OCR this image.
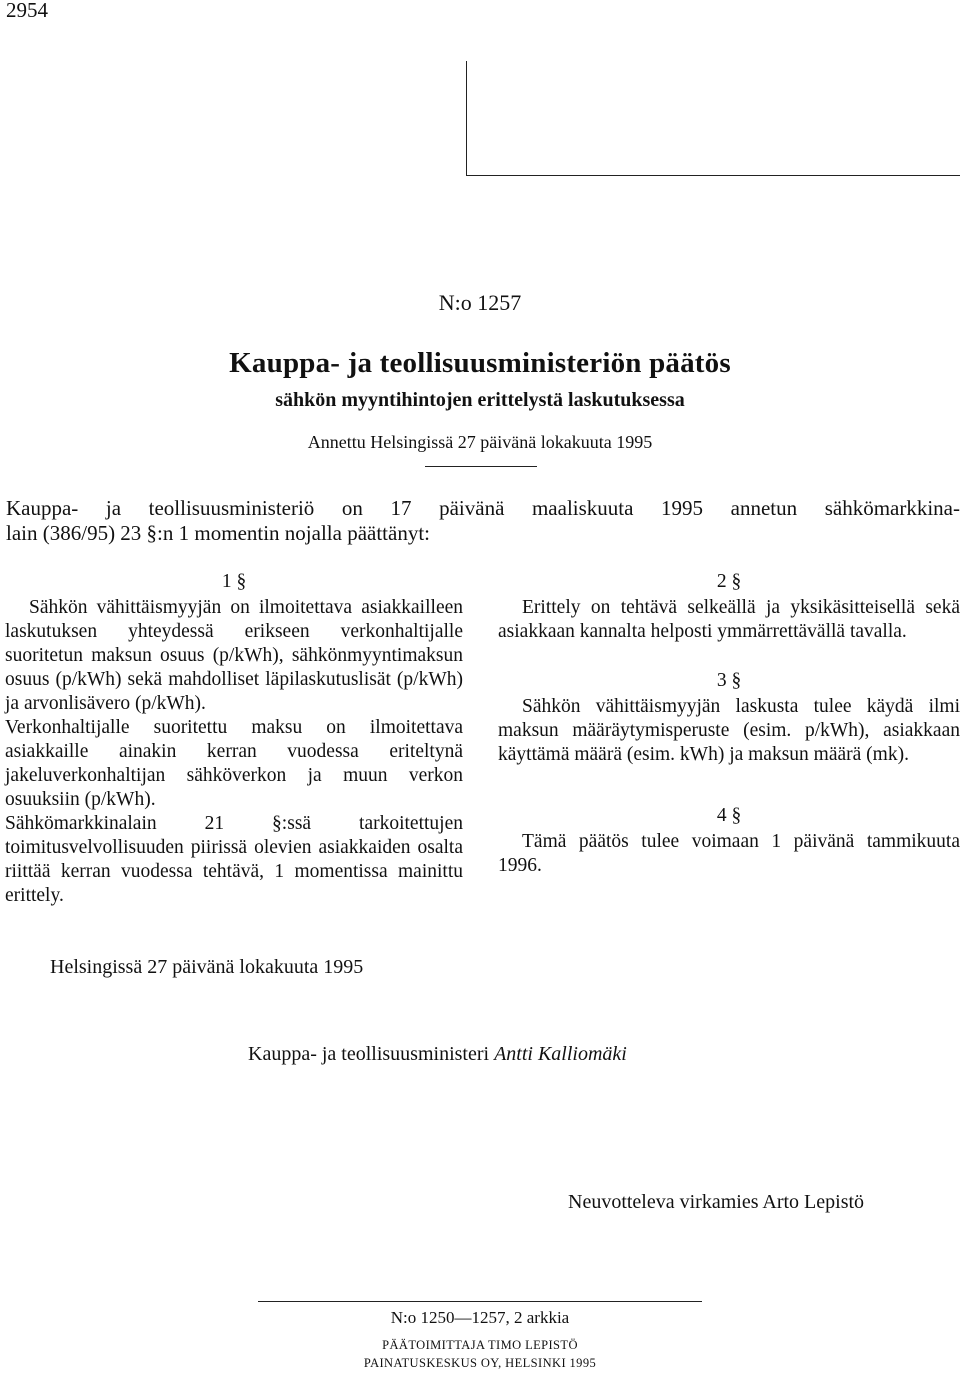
2954
N:o 1257
Kauppa- ja teollisuusministeriön päätös
sähkön myyntihintojen erittelystä laskutuksessa
Annettu Helsingissä 27 päivänä lokakuuta 1995
Kauppa- ja teollisuusministeriö on 17 päivänä maaliskuuta 1995 annetun sähkömarkkina-
lain (386/95) 23 §:n 1 momentin nojalla päättänyt:
1 §

Sähkön vähittäismyyjän on ilmoitettava asiakkailleen laskutuksen yhteydessä erikseen verkonhaltijalle suoritetun maksun osuus (p/kWh), sähkönmyyntimaksun osuus (p/kWh) sekä mahdolliset läpilaskutuslisät (p/kWh) ja arvonlisävero (p/kWh).

Verkonhaltijalle suoritettu maksu on ilmoitettava asiakkaille ainakin kerran vuodessa eriteltynä jakeluverkonhaltijan sähköverkon ja muun verkon osuuksiin (p/kWh).

Sähkömarkkinalain 21 §:ssä tarkoitettujen toimitusvelvollisuuden piirissä olevien asiakkaiden osalta riittää kerran vuodessa tehtävä, 1 momentissa mainittu erittely.

2 §

Erittely on tehtävä selkeällä ja yksikäsitteisellä sekä asiakkaan kannalta helposti ymmärrettävällä tavalla.

3 §

Sähkön vähittäismyyjän laskusta tulee käydä ilmi maksun määräytymisperuste (esim. p/kWh), asiakkaan käyttämä määrä (esim. kWh) ja maksun määrä (mk).

4 §

Tämä päätös tulee voimaan 1 päivänä tammikuuta 1996.

Helsingissä 27 päivänä lokakuuta 1995
Kauppa- ja teollisuusministeri Antti Kalliomäki
Neuvotteleva virkamies Arto Lepistö
N:o 1250—1257, 2 arkkia
PÄÄTOIMITTAJA TIMO LEPISTÖ
PAINATUSKESKUS OY, HELSINKI 1995
